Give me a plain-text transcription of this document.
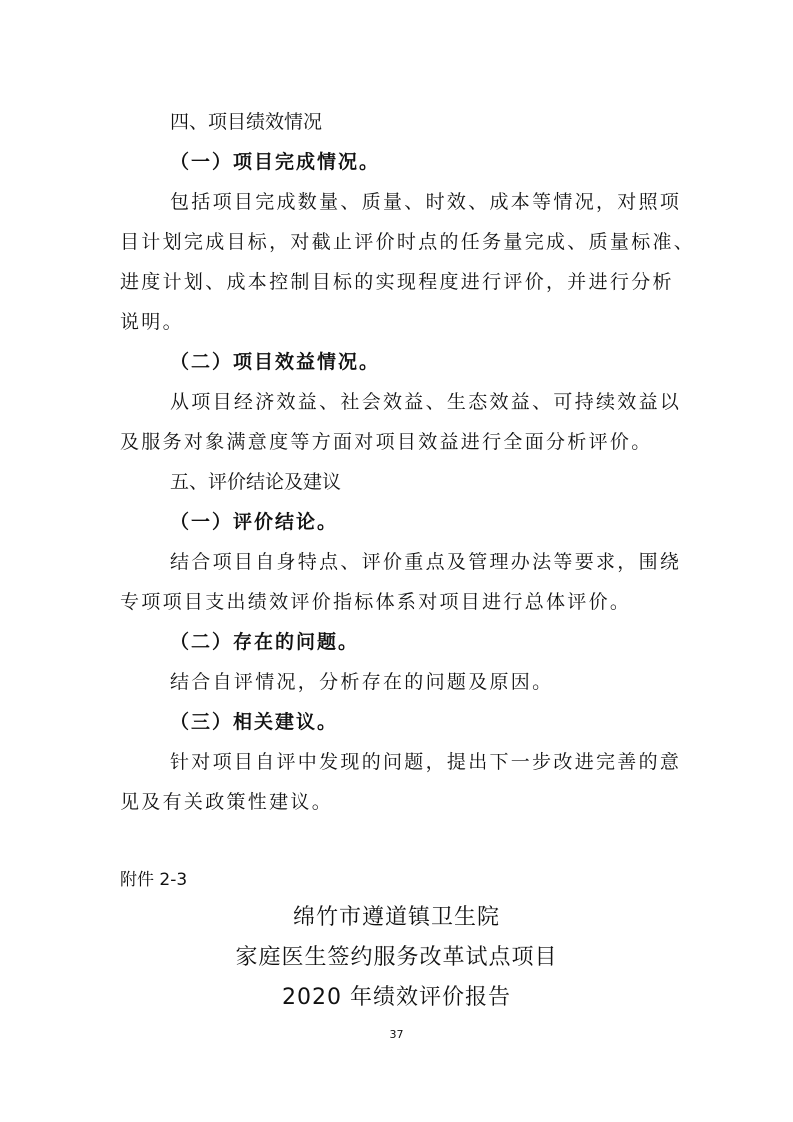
四、项目绩效情况
（一）项目完成情况。
包括项目完成数量、质量、时效、成本等情况，对照项
目计划完成目标，对截止评价时点的任务量完成、质量标准、
进度计划、成本控制目标的实现程度进行评价，并进行分析
说明。
（二）项目效益情况。
从项目经济效益、社会效益、生态效益、可持续效益以
及服务对象满意度等方面对项目效益进行全面分析评价。
五、评价结论及建议
（一）评价结论。
结合项目自身特点、评价重点及管理办法等要求，围绕
专项项目支出绩效评价指标体系对项目进行总体评价。
（二）存在的问题。
结合自评情况，分析存在的问题及原因。
（三）相关建议。
针对项目自评中发现的问题，提出下一步改进完善的意
见及有关政策性建议。
附件 2-3
绵竹市遵道镇卫生院
家庭医生签约服务改革试点项目
2020 年绩效评价报告
37
